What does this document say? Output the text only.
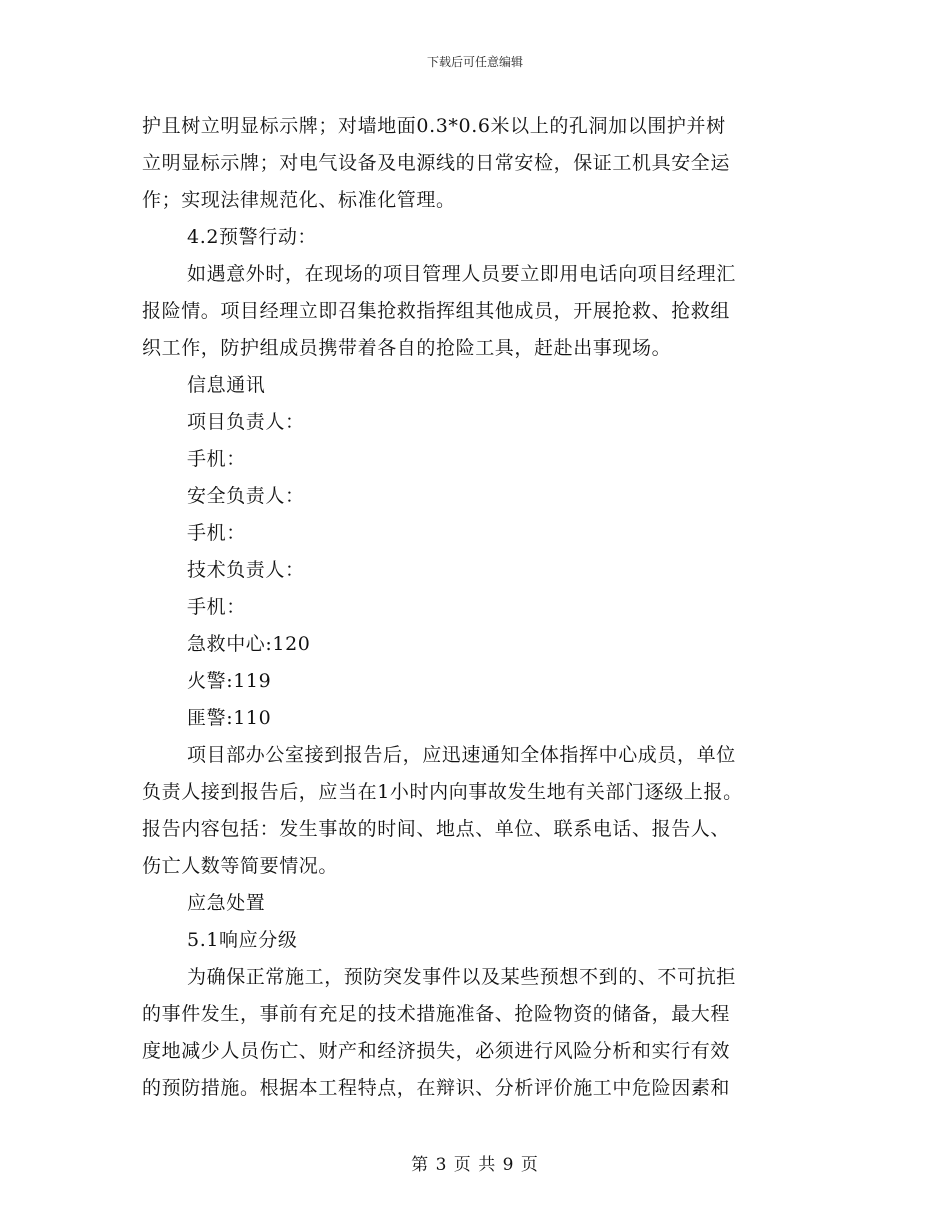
下载后可任意编辑
护且树立明显标示牌；对墙地面0.3*0.6米以上的孔洞加以围护并树
立明显标示牌；对电气设备及电源线的日常安检，保证工机具安全运
作；实现法律规范化、标准化管理。
4.2预警行动：
如遇意外时，在现场的项目管理人员要立即用电话向项目经理汇
报险情。项目经理立即召集抢救指挥组其他成员，开展抢救、抢救组
织工作，防护组成员携带着各自的抢险工具，赶赴出事现场。
信息通讯
项目负责人：
手机：
安全负责人：
手机：
技术负责人：
手机：
急救中心:120
火警:119
匪警:110
项目部办公室接到报告后，应迅速通知全体指挥中心成员，单位
负责人接到报告后，应当在1小时内向事故发生地有关部门逐级上报。
报告内容包括：发生事故的时间、地点、单位、联系电话、报告人、
伤亡人数等简要情况。
应急处置
5.1响应分级
为确保正常施工，预防突发事件以及某些预想不到的、不可抗拒
的事件发生，事前有充足的技术措施准备、抢险物资的储备，最大程
度地减少人员伤亡、财产和经济损失，必须进行风险分析和实行有效
的预防措施。根据本工程特点，在辩识、分析评价施工中危险因素和
第 3 页 共 9 页
